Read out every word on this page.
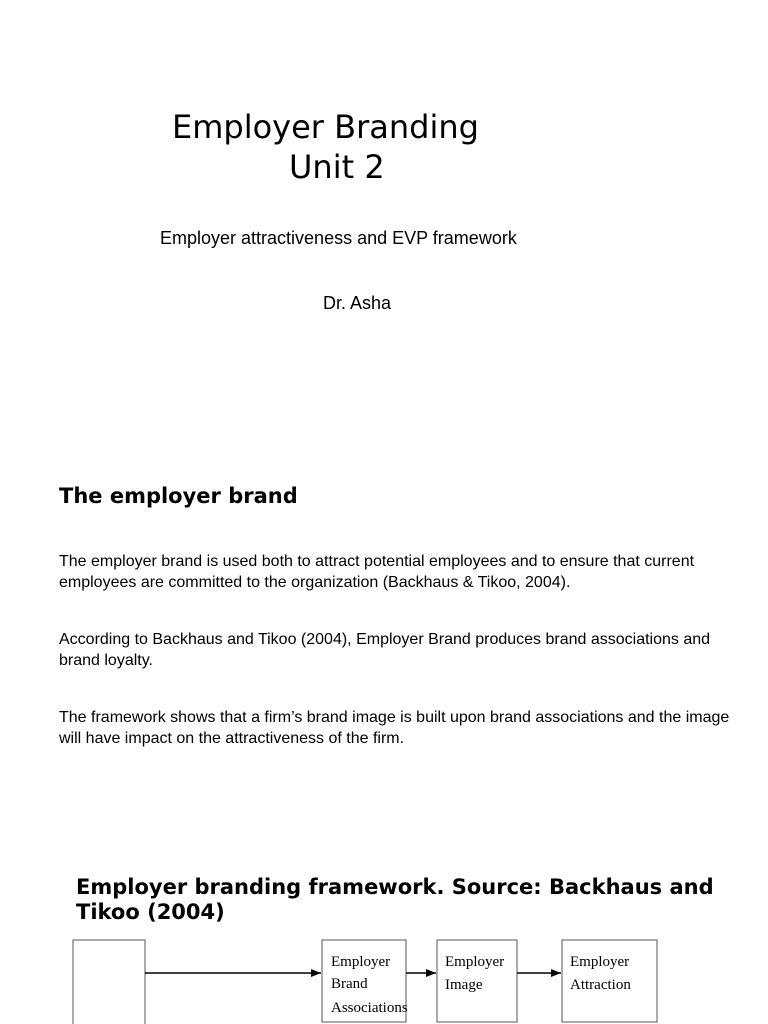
Employer Branding
Unit 2
Employer attractiveness and EVP framework
Dr. Asha
The employer brand

The employer brand is used both to attract potential employees and to ensure that current employees are committed to the organization (Backhaus & Tikoo, 2004).

According to Backhaus and Tikoo (2004), Employer Brand produces brand associations and brand loyalty.

The framework shows that a firm’s brand image is built upon brand associations and the image will have impact on the attractiveness of the firm.

Employer branding framework. Source: Backhaus and Tikoo (2004)
Employer
Brand
Associations
Employer
Image
Employer
Attraction
